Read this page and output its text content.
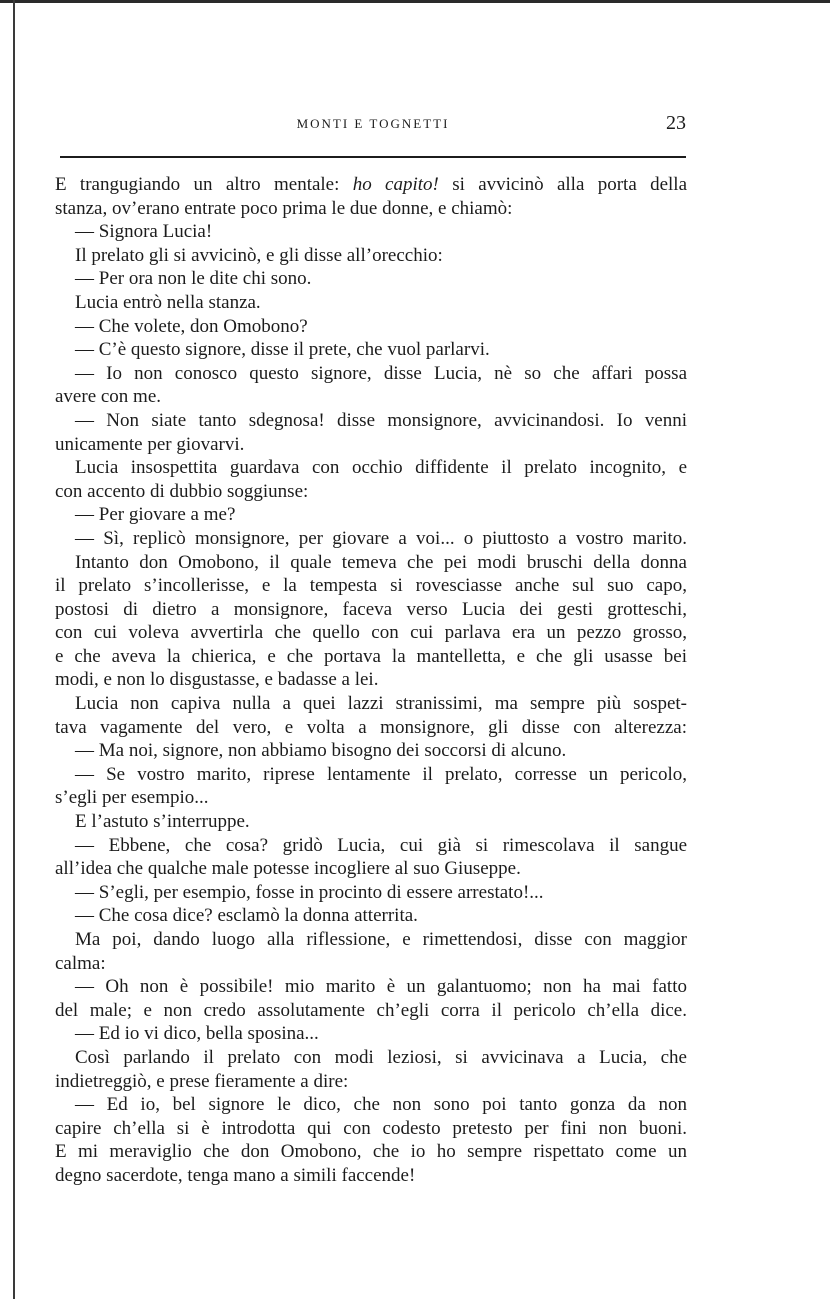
MONTI E TOGNETTI	23
E trangugiando un altro mentale: ho capito! si avvicinò alla porta della
stanza, ov’erano entrate poco prima le due donne, e chiamò:
— Signora Lucia!
Il prelato gli si avvicinò, e gli disse all’orecchio:
— Per ora non le dite chi sono.
Lucia entrò nella stanza.
— Che volete, don Omobono?
— C’è questo signore, disse il prete, che vuol parlarvi.
— Io non conosco questo signore, disse Lucia, nè so che affari possa
avere con me.
— Non siate tanto sdegnosa! disse monsignore, avvicinandosi. Io venni
unicamente per giovarvi.
Lucia insospettita guardava con occhio diffidente il prelato incognito, e
con accento di dubbio soggiunse:
— Per giovare a me?
— Sì, replicò monsignore, per giovare a voi... o piuttosto a vostro marito.
Intanto don Omobono, il quale temeva che pei modi bruschi della donna
il prelato s’incollerisse, e la tempesta si rovesciasse anche sul suo capo,
postosi di dietro a monsignore, faceva verso Lucia dei gesti grotteschi,
con cui voleva avvertirla che quello con cui parlava era un pezzo grosso,
e che aveva la chierica, e che portava la mantelletta, e che gli usasse bei
modi, e non lo disgustasse, e badasse a lei.
Lucia non capiva nulla a quei lazzi stranissimi, ma sempre più sospet-
tava vagamente del vero, e volta a monsignore, gli disse con alterezza:
— Ma noi, signore, non abbiamo bisogno dei soccorsi di alcuno.
— Se vostro marito, riprese lentamente il prelato, corresse un pericolo,
s’egli per esempio...
E l’astuto s’interruppe.
— Ebbene, che cosa? gridò Lucia, cui già si rimescolava il sangue
all’idea che qualche male potesse incogliere al suo Giuseppe.
— S’egli, per esempio, fosse in procinto di essere arrestato!...
— Che cosa dice? esclamò la donna atterrita.
Ma poi, dando luogo alla riflessione, e rimettendosi, disse con maggior
calma:
— Oh non è possibile! mio marito è un galantuomo; non ha mai fatto
del male; e non credo assolutamente ch’egli corra il pericolo ch’ella dice.
— Ed io vi dico, bella sposina...
Così parlando il prelato con modi leziosi, si avvicinava a Lucia, che
indietreggiò, e prese fieramente a dire:
— Ed io, bel signore le dico, che non sono poi tanto gonza da non
capire ch’ella si è introdotta qui con codesto pretesto per fini non buoni.
E mi meraviglio che don Omobono, che io ho sempre rispettato come un
degno sacerdote, tenga mano a simili faccende!
